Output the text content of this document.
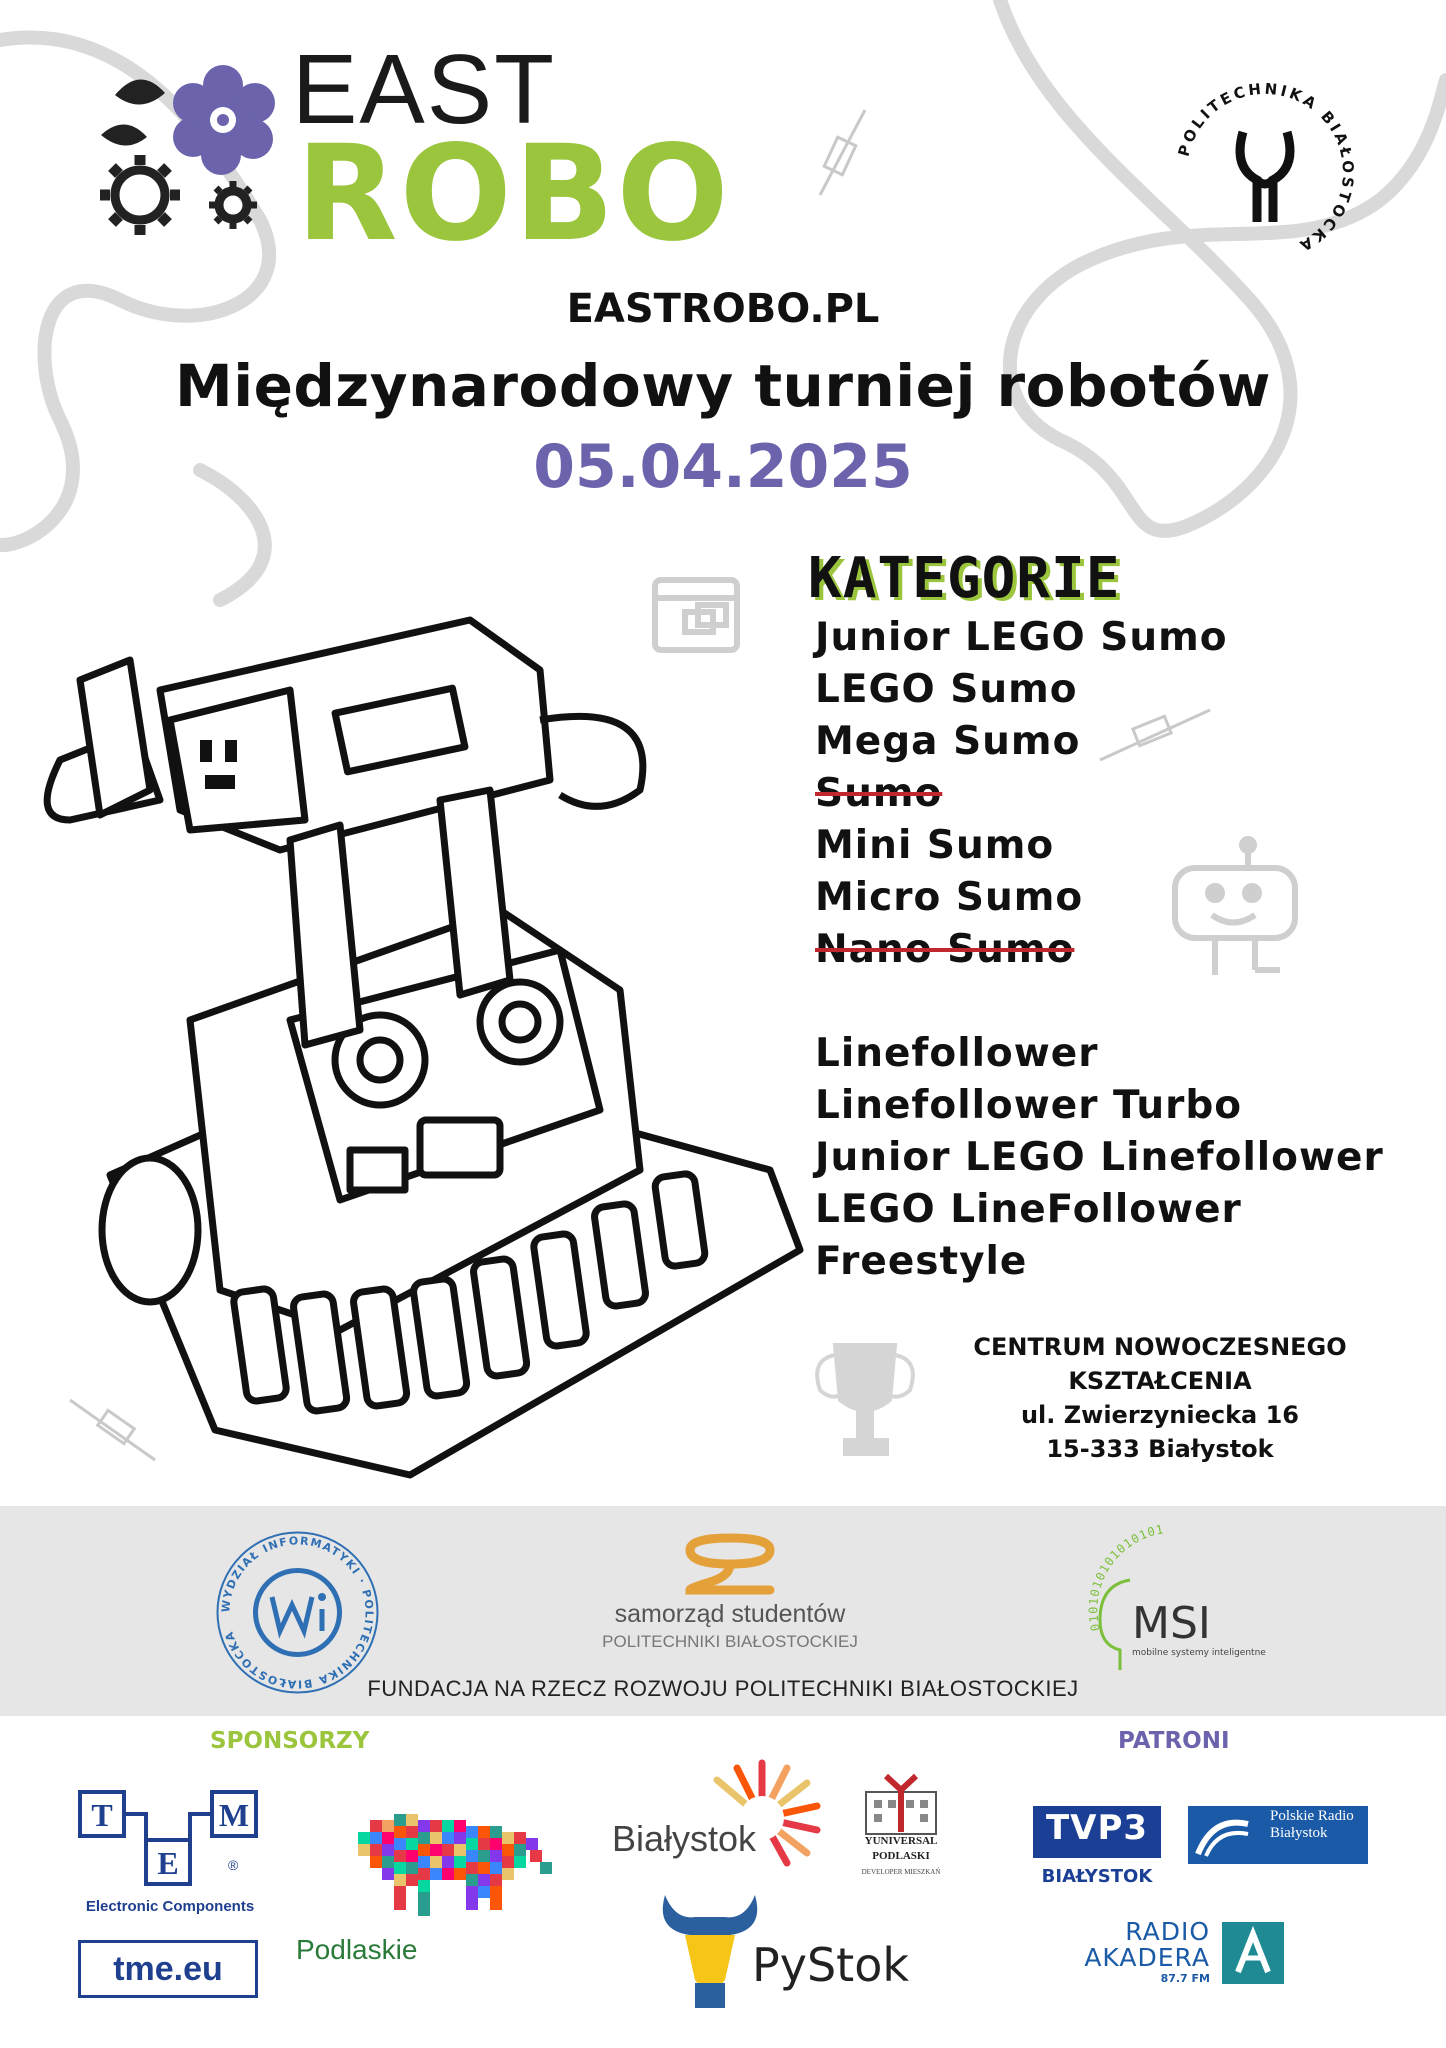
EAST
ROBO	POLITECHNIKA BIAŁOSTOCKA
EASTROBO.PL
Międzynarodowy turniej robotów
05.04.2025
KATEGORIE
Junior LEGO Sumo
LEGO Sumo
Mega Sumo
Sumo
Mini Sumo
Micro Sumo
Nano Sumo
Linefollower
Linefollower Turbo
Junior LEGO Linefollower
LEGO LineFollower
Freestyle
CENTRUM NOWOCZESNEGO
KSZTAŁCENIA
ul. Zwierzyniecka 16
15-333 Białystok
WYDZIAŁ INFORMATYKI · POLITECHNIKA BIAŁOSTOCKA
samorząd studentów
POLITECHNIKI BIAŁOSTOCKIEJ
0101010101010101
MSI
mobilne systemy inteligentne
FUNDACJA NA RZECZ ROZWOJU POLITECHNIKI BIAŁOSTOCKIEJ
SPONSORZY	PATRONI
T	M
E	®
Electronic Components
tme.eu
Podlaskie
Białystok	YUNIVERSAL
PODLASKI
DEVELOPER MIESZKAŃ
PyStok
TVP3
BIAŁYSTOK
Polskie Radio Białystok
RADIO
AKADERA
87.7 FM
